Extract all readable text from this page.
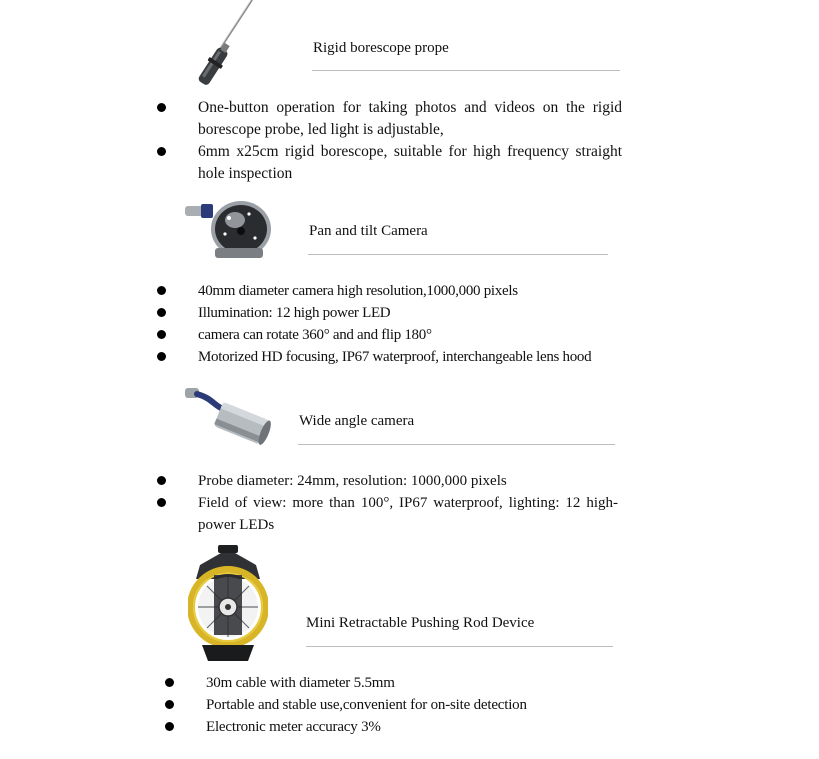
Rigid borescope prope
One-button operation for taking photos and videos on the rigid borescope probe, led light is adjustable,
6mm x25cm rigid borescope, suitable for high frequency straight hole inspection
Pan and tilt Camera
40mm diameter camera high resolution,1000,000 pixels
Illumination: 12 high power LED
camera can rotate 360° and and flip 180°
Motorized HD focusing, IP67 waterproof, interchangeable lens hood
Wide angle camera
Probe diameter: 24mm, resolution: 1000,000 pixels
Field of view: more than 100°, IP67 waterproof, lighting: 12 high-power LEDs
Mini Retractable Pushing Rod Device
30m cable with diameter 5.5mm
Portable and stable use,convenient for on-site detection
Electronic meter accuracy 3%
